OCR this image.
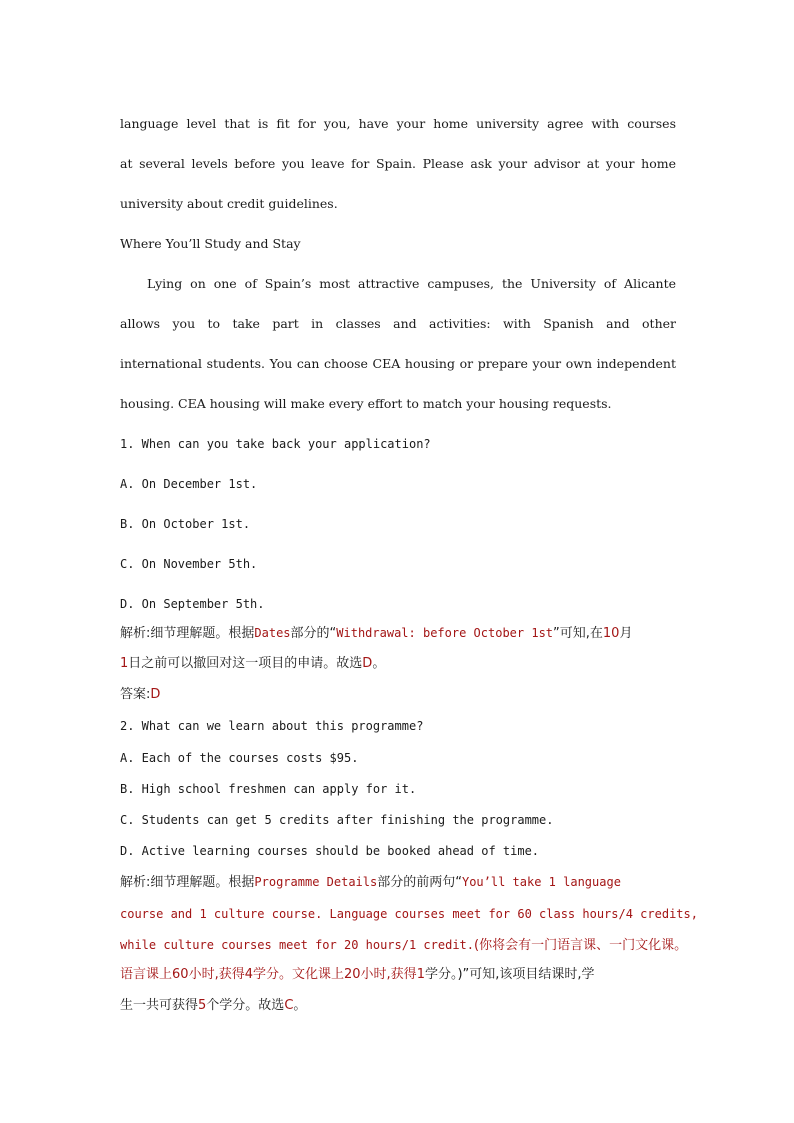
language level that is fit for you, have your home university agree with courses
at several levels before you leave for Spain. Please ask your advisor at your home
university about credit guidelines.
Where You’ll Study and Stay
Lying on one of Spain’s most attractive campuses, the University of Alicante
allows you to take part in classes and activities: with Spanish and other
international students. You can choose CEA housing or prepare your own independent
housing. CEA housing will make every effort to match your housing requests.
1. When can you take back your application?
A. On December 1st.
B. On October 1st.
C. On November 5th.
D. On September 5th.
解析:细节理解题。根据Dates部分的“Withdrawal: before October 1st”可知,在10月
1日之前可以撤回对这一项目的申请。故选D。
答案:D
2. What can we learn about this programme?
A. Each of the courses costs $95.
B. High school freshmen can apply for it.
C. Students can get 5 credits after finishing the programme.
D. Active learning courses should be booked ahead of time.
解析:细节理解题。根据Programme Details部分的前两句“You’ll take 1 language
course and 1 culture course. Language courses meet for 60 class hours/4 credits,
while culture courses meet for 20 hours/1 credit.(你将会有一门语言课、一门文化课。
语言课上60小时,获得4学分。文化课上20小时,获得1学分。)”可知,该项目结课时,学
生一共可获得5个学分。故选C。
